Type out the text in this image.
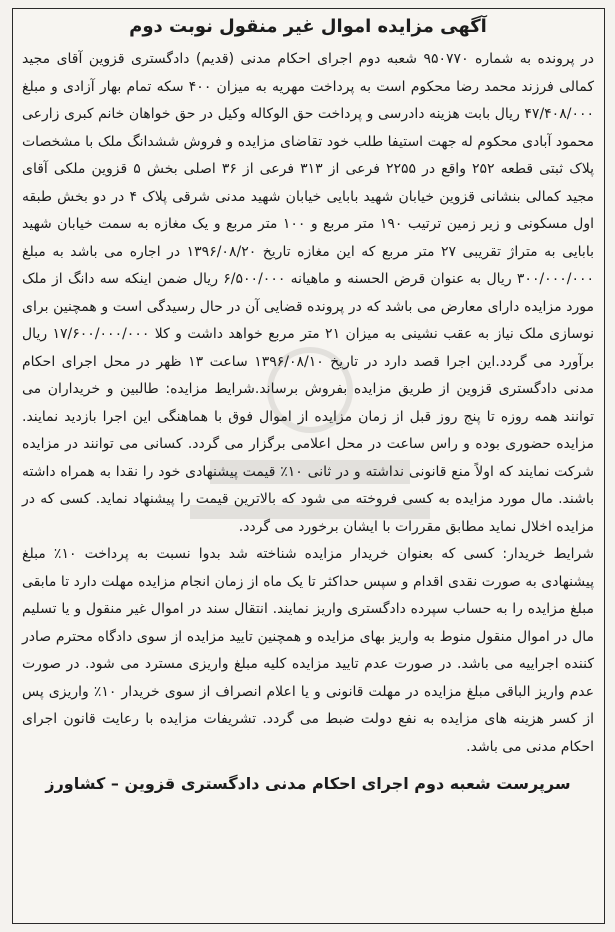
آگهی مزایده اموال غیر منقول نوبت دوم

در پرونده به شماره ۹۵۰۷۷۰ شعبه دوم اجرای احکام مدنی (قدیم) دادگستری قزوین آقای مجید کمالی فرزند محمد رضا محکوم است به پرداخت مهریه به میزان ۴۰۰ سکه تمام بهار آزادی و مبلغ ۴۷/۴۰۸/۰۰۰ ریال بابت هزینه دادرسی و پرداخت حق الوکاله وکیل در حق خواهان خانم کبری زارعی محمود آبادی محکوم له جهت استیفا طلب خود تقاضای مزایده و فروش ششدانگ ملک با مشخصات پلاک ثبتی قطعه ۲۵۲ واقع در ۲۲۵۵ فرعی از ۳۱۳ فرعی از ۳۶ اصلی بخش ۵ قزوین ملکی آقای مجید کمالی بنشانی قزوین خیابان شهید بابایی خیابان شهید مدنی شرقی پلاک ۴ در دو بخش طبقه اول مسکونی و زیر زمین ترتیب ۱۹۰ متر مربع و ۱۰۰ متر مربع و یک مغازه به سمت خیابان شهید بابایی به متراژ تقریبی ۲۷ متر مربع که این مغازه تاریخ ۱۳۹۶/۰۸/۲۰ در اجاره می باشد به مبلغ ۳۰۰/۰۰۰/۰۰۰ ریال به عنوان قرض الحسنه و ماهیانه ۶/۵۰۰/۰۰۰ ریال ضمن اینکه سه دانگ از ملک مورد مزایده دارای معارض می باشد که در پرونده قضایی آن در حال رسیدگی است و همچنین برای نوسازی ملک نیاز به عقب نشینی به میزان ۲۱ متر مربع خواهد داشت و کلا ۱۷/۶۰۰/۰۰۰/۰۰۰ ریال برآورد می گردد.این اجرا قصد دارد در تاریخ ۱۳۹۶/۰۸/۱۰ ساعت ۱۳ ظهر در محل اجرای احکام مدنی دادگستری قزوین از طریق مزایده بفروش برساند.شرایط مزایده: طالبین و خریداران می توانند همه روزه تا پنج روز قبل از زمان مزایده از اموال فوق با هماهنگی این اجرا بازدید نمایند. مزایده حضوری بوده و راس ساعت در محل اعلامی برگزار می گردد. کسانی می توانند در مزایده شرکت نمایند که اولاً منع قانونی نداشته و در ثانی ۱۰٪ قیمت پیشنهادی خود را نقدا به همراه داشته باشند. مال مورد مزایده به کسی فروخته می شود که بالاترین قیمت را پیشنهاد نماید. کسی که در مزایده اخلال نماید مطابق مقررات با ایشان برخورد می گردد.

شرایط خریدار: کسی که بعنوان خریدار مزایده شناخته شد بدوا نسبت به پرداخت ۱۰٪ مبلغ پیشنهادی به صورت نقدی اقدام و سپس حداکثر تا یک ماه از زمان انجام مزایده مهلت دارد تا مابقی مبلغ مزایده را به حساب سپرده دادگستری واریز نمایند. انتقال سند در اموال غیر منقول و یا تسلیم مال در اموال منقول منوط به واریز بهای مزایده و همچنین تایید مزایده از سوی دادگاه محترم صادر کننده اجراییه می باشد. در صورت عدم تایید مزایده کلیه مبلغ واریزی مسترد می شود. در صورت عدم واریز الباقی مبلغ مزایده در مهلت قانونی و یا اعلام انصراف از سوی خریدار ۱۰٪ واریزی پس از کسر هزینه های مزایده به نفع دولت ضبط می گردد. تشریفات مزایده با رعایت قانون اجرای احکام مدنی می باشد.

سرپرست شعبه دوم اجرای احکام مدنی دادگستری قزوین – کشاورز
